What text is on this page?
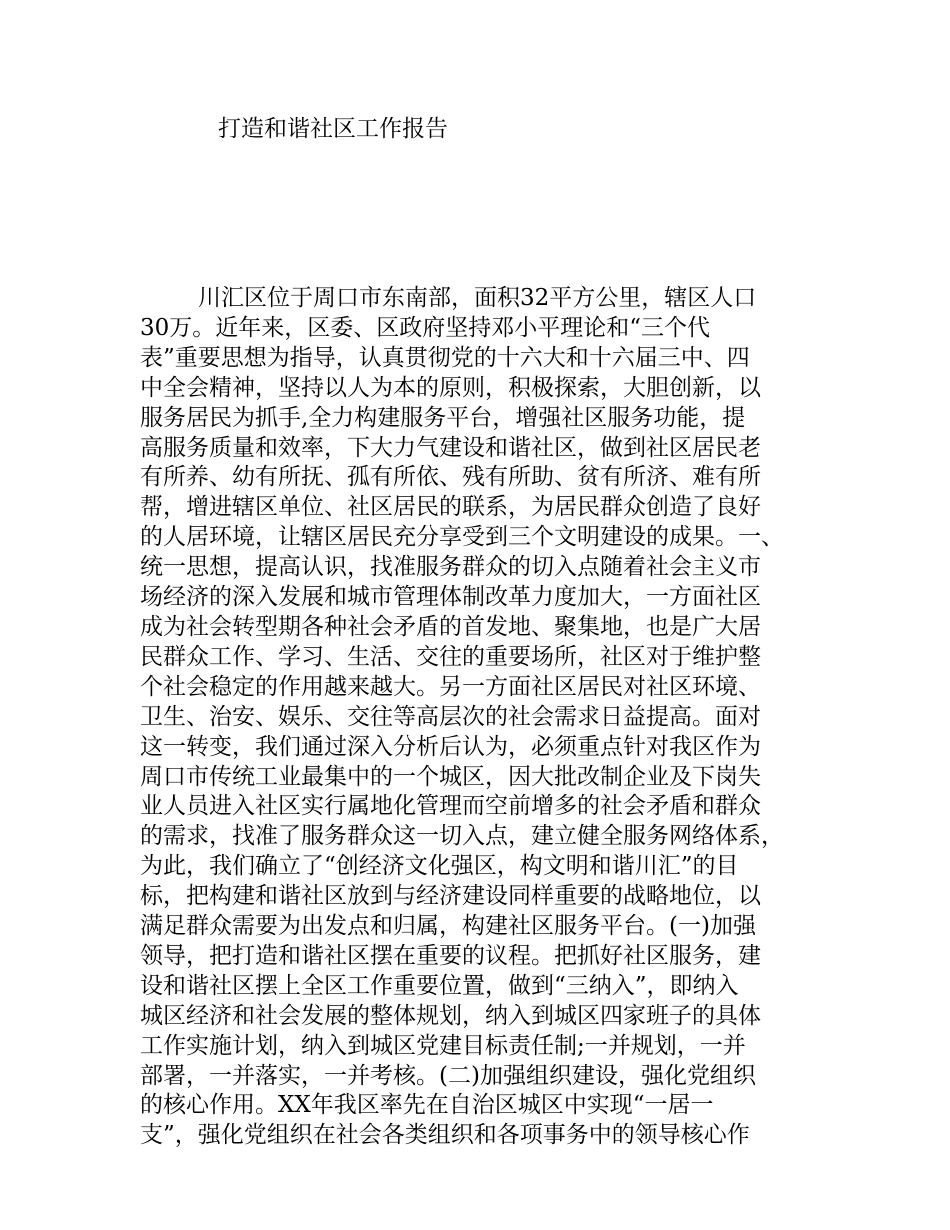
打造和谐社区工作报告
川汇区位于周口市东南部，面积32平方公里，辖区人口
30万。近年来，区委、区政府坚持邓小平理论和“三个代
表”重要思想为指导，认真贯彻党的十六大和十六届三中、四
中全会精神，坚持以人为本的原则，积极探索，大胆创新，以
服务居民为抓手,全力构建服务平台，增强社区服务功能，提
高服务质量和效率，下大力气建设和谐社区，做到社区居民老
有所养、幼有所抚、孤有所依、残有所助、贫有所济、难有所
帮，增进辖区单位、社区居民的联系，为居民群众创造了良好
的人居环境，让辖区居民充分享受到三个文明建设的成果。一、
统一思想，提高认识，找准服务群众的切入点随着社会主义市
场经济的深入发展和城市管理体制改革力度加大，一方面社区
成为社会转型期各种社会矛盾的首发地、聚集地，也是广大居
民群众工作、学习、生活、交往的重要场所，社区对于维护整
个社会稳定的作用越来越大。另一方面社区居民对社区环境、
卫生、治安、娱乐、交往等高层次的社会需求日益提高。面对
这一转变，我们通过深入分析后认为，必须重点针对我区作为
周口市传统工业最集中的一个城区，因大批改制企业及下岗失
业人员进入社区实行属地化管理而空前增多的社会矛盾和群众
的需求，找准了服务群众这一切入点，建立健全服务网络体系，
为此，我们确立了“创经济文化强区，构文明和谐川汇”的目
标，把构建和谐社区放到与经济建设同样重要的战略地位，以
满足群众需要为出发点和归属，构建社区服务平台。(一)加强
领导，把打造和谐社区摆在重要的议程。把抓好社区服务，建
设和谐社区摆上全区工作重要位置，做到“三纳入”，即纳入
城区经济和社会发展的整体规划，纳入到城区四家班子的具体
工作实施计划，纳入到城区党建目标责任制;一并规划，一并
部署，一并落实，一并考核。(二)加强组织建设，强化党组织
的核心作用。XX年我区率先在自治区城区中实现“一居一
支”，强化党组织在社会各类组织和各项事务中的领导核心作
